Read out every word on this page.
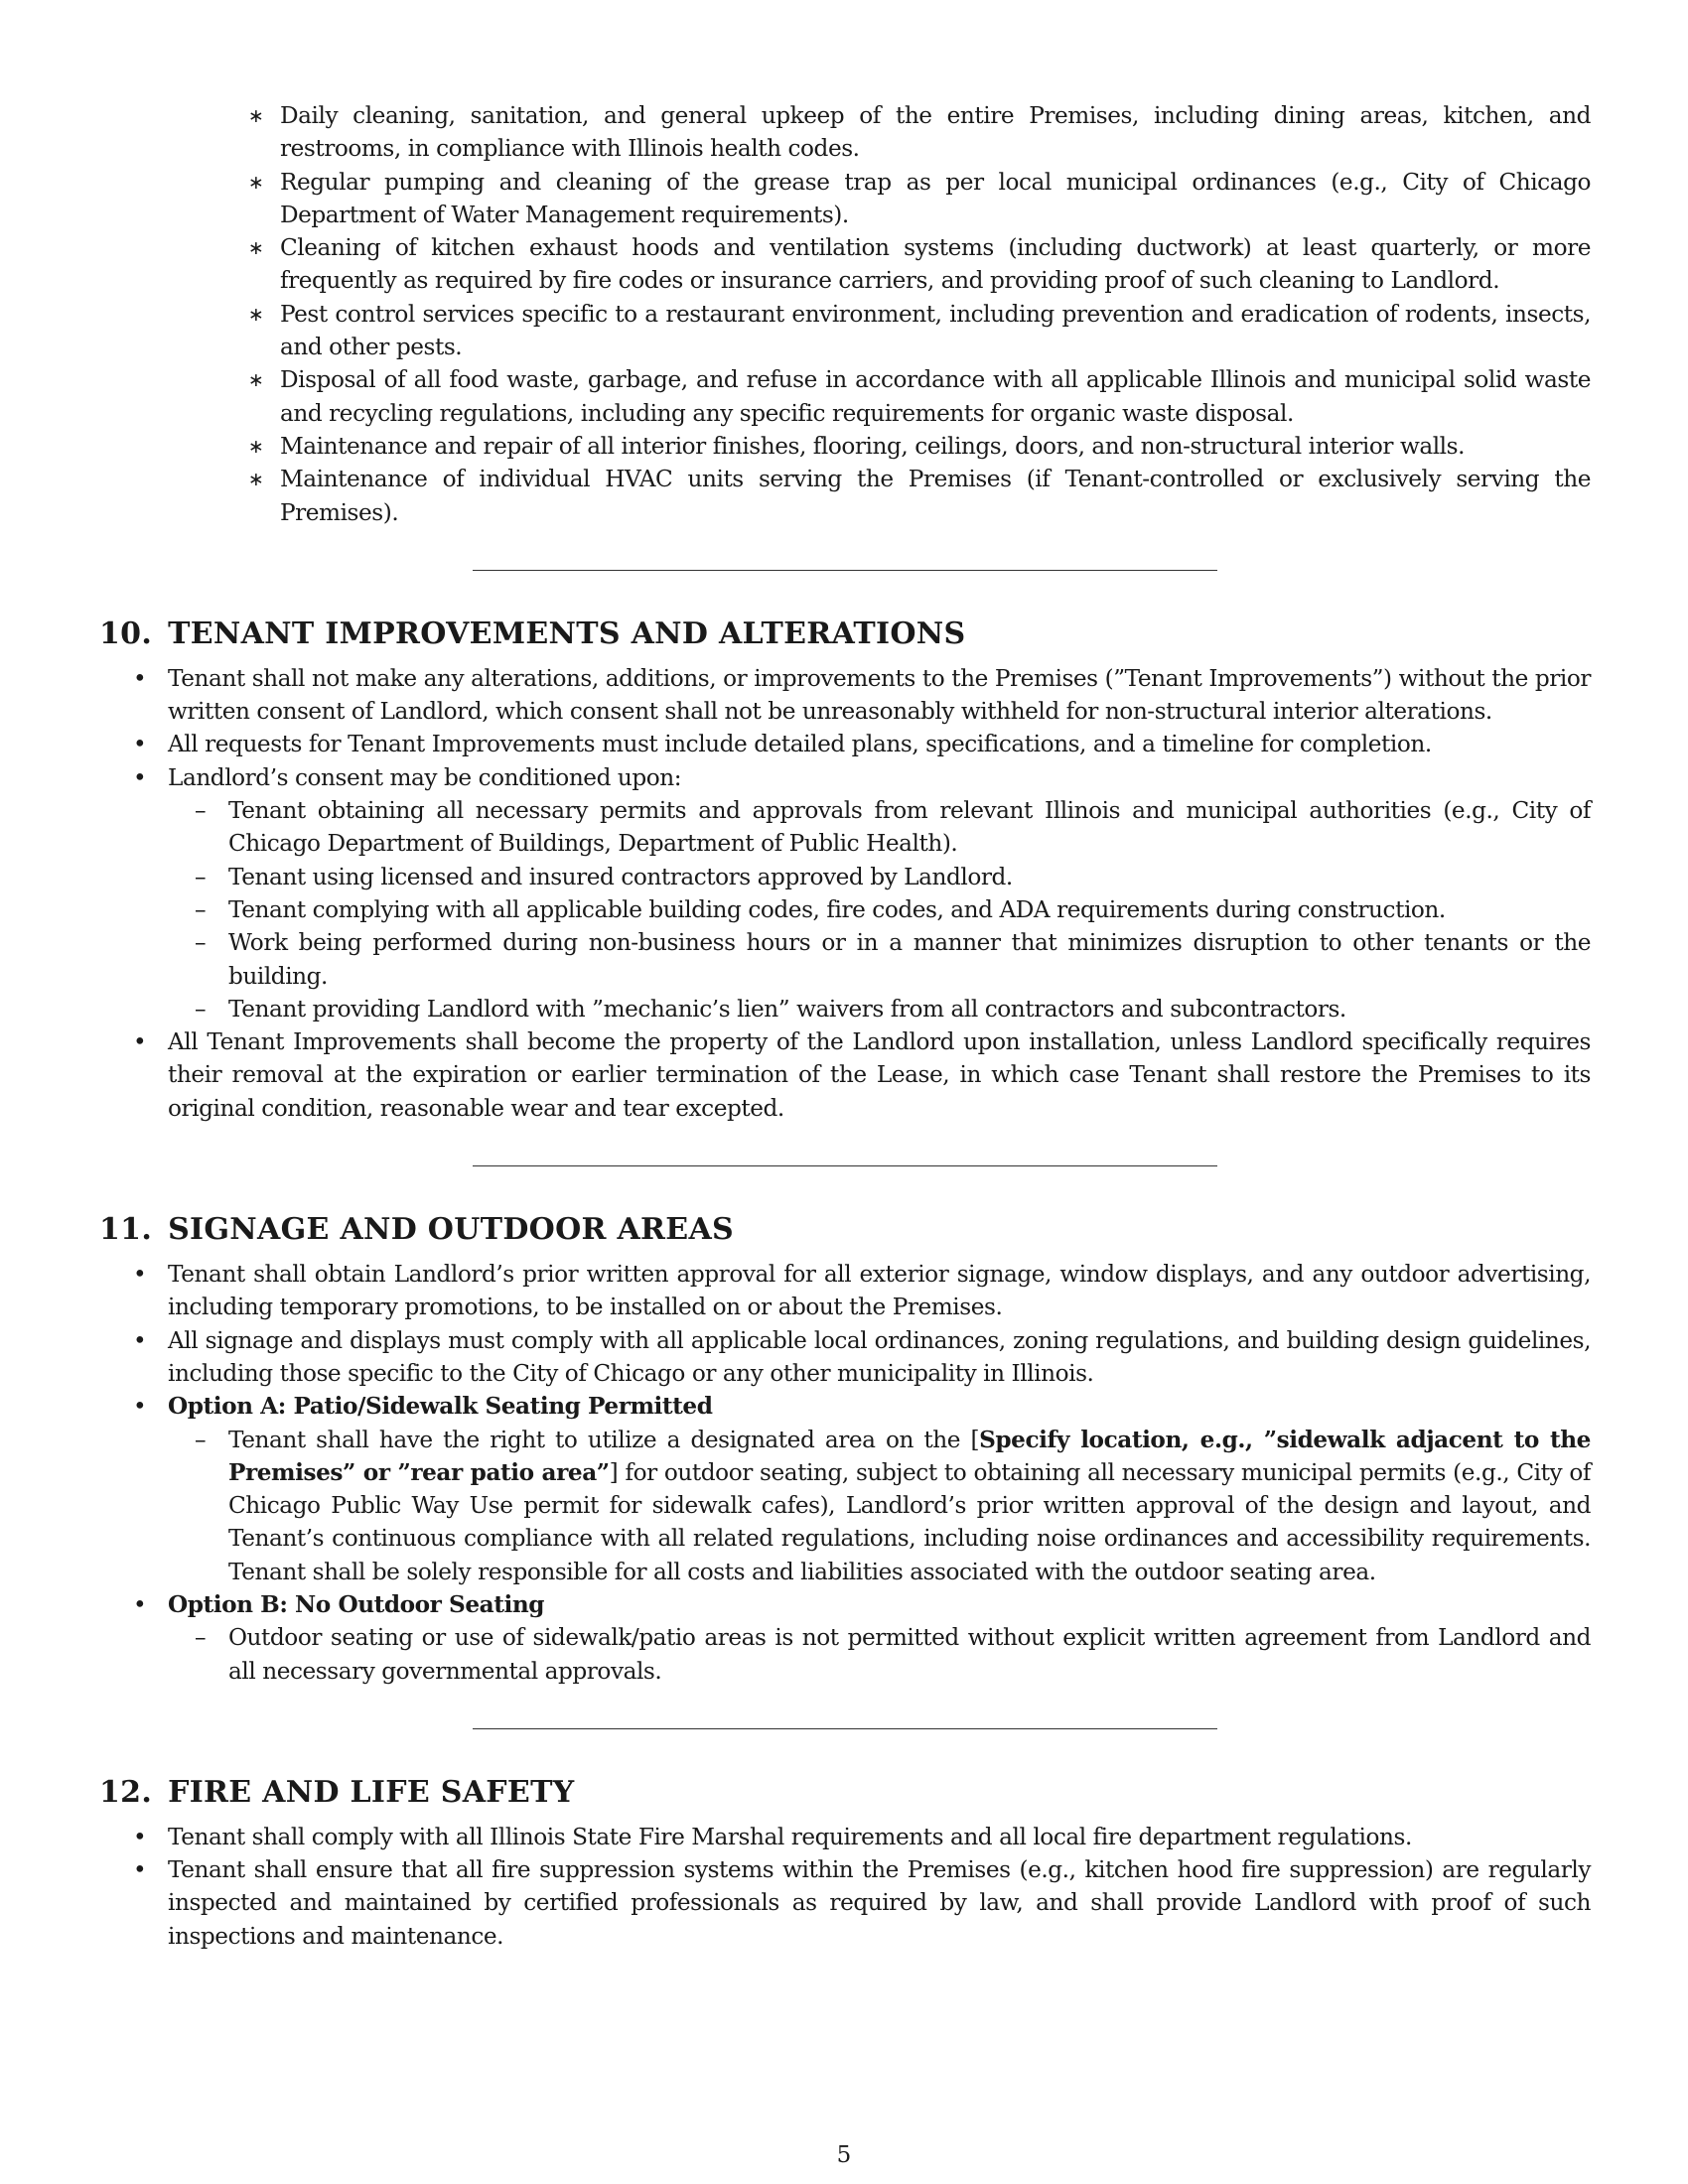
∗ Daily cleaning, sanitation, and general upkeep of the entire Premises, including dining areas, kitchen, and restrooms, in compliance with Illinois health codes.
∗ Regular pumping and cleaning of the grease trap as per local municipal ordinances (e.g., City of Chicago Department of Water Management requirements).
∗ Cleaning of kitchen exhaust hoods and ventilation systems (including ductwork) at least quarterly, or more frequently as required by fire codes or insurance carriers, and providing proof of such cleaning to Landlord.
∗ Pest control services specific to a restaurant environment, including prevention and eradication of rodents, insects, and other pests.
∗ Disposal of all food waste, garbage, and refuse in accordance with all applicable Illinois and municipal solid waste and recycling regulations, including any specific requirements for organic waste disposal.
∗ Maintenance and repair of all interior finishes, flooring, ceilings, doors, and non-structural interior walls.
∗ Maintenance of individual HVAC units serving the Premises (if Tenant-controlled or exclusively serving the Premises).
10. TENANT IMPROVEMENTS AND ALTERATIONS
• Tenant shall not make any alterations, additions, or improvements to the Premises (”Tenant Improvements”) without the prior written consent of Landlord, which consent shall not be unreasonably withheld for non-structural interior alterations.
• All requests for Tenant Improvements must include detailed plans, specifications, and a timeline for completion.
• Landlord’s consent may be conditioned upon:
– Tenant obtaining all necessary permits and approvals from relevant Illinois and municipal authorities (e.g., City of Chicago Department of Buildings, Department of Public Health).
– Tenant using licensed and insured contractors approved by Landlord.
– Tenant complying with all applicable building codes, fire codes, and ADA requirements during construction.
– Work being performed during non-business hours or in a manner that minimizes disruption to other tenants or the building.
– Tenant providing Landlord with ”mechanic’s lien” waivers from all contractors and subcontractors.
• All Tenant Improvements shall become the property of the Landlord upon installation, unless Landlord specifically requires their removal at the expiration or earlier termination of the Lease, in which case Tenant shall restore the Premises to its original condition, reasonable wear and tear excepted.
11. SIGNAGE AND OUTDOOR AREAS
• Tenant shall obtain Landlord’s prior written approval for all exterior signage, window displays, and any outdoor advertising, including temporary promotions, to be installed on or about the Premises.
• All signage and displays must comply with all applicable local ordinances, zoning regulations, and building design guidelines, including those specific to the City of Chicago or any other municipality in Illinois.
• Option A: Patio/Sidewalk Seating Permitted
– Tenant shall have the right to utilize a designated area on the [Specify location, e.g., ”sidewalk adjacent to the Premises” or ”rear patio area”] for outdoor seating, subject to obtaining all necessary municipal permits (e.g., City of Chicago Public Way Use permit for sidewalk cafes), Landlord’s prior written approval of the design and layout, and Tenant’s continuous compliance with all related regulations, including noise ordinances and accessibility requirements. Tenant shall be solely responsible for all costs and liabilities associated with the outdoor seating area.
• Option B: No Outdoor Seating
– Outdoor seating or use of sidewalk/patio areas is not permitted without explicit written agreement from Landlord and all necessary governmental approvals.
12. FIRE AND LIFE SAFETY
• Tenant shall comply with all Illinois State Fire Marshal requirements and all local fire department regulations.
• Tenant shall ensure that all fire suppression systems within the Premises (e.g., kitchen hood fire suppression) are regularly inspected and maintained by certified professionals as required by law, and shall provide Landlord with proof of such inspections and maintenance.
5
